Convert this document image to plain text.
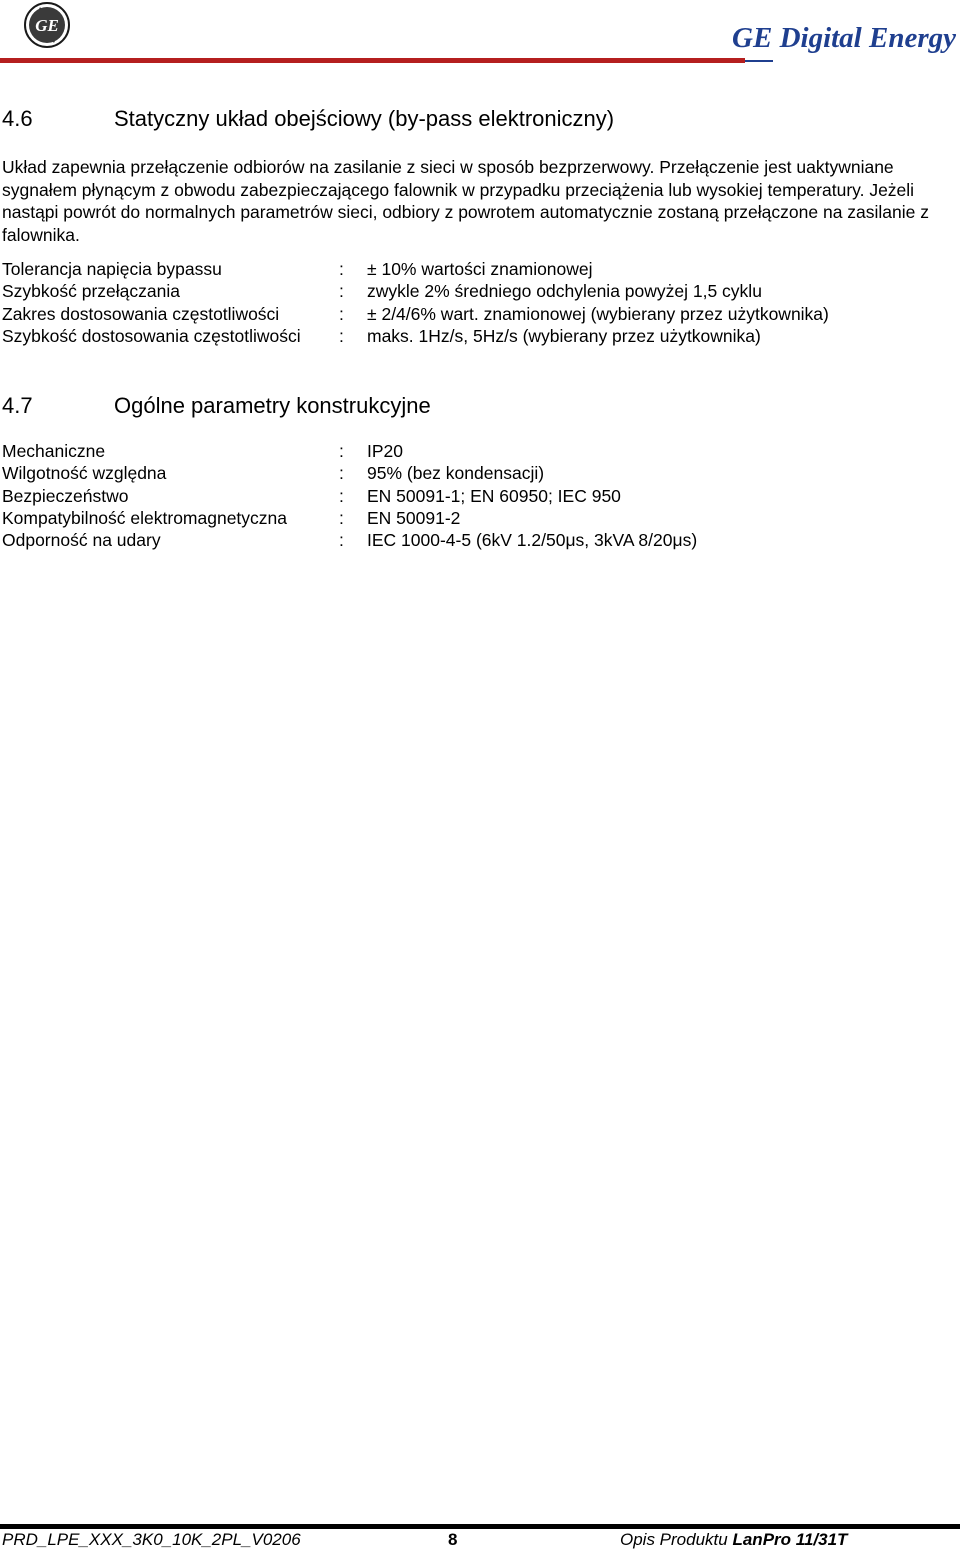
GE	GE Digital Energy
4.6	Statyczny układ obejściowy (by-pass elektroniczny)
Układ zapewnia przełączenie odbiorów na zasilanie z sieci w sposób bezprzerwowy. Przełączenie jest uaktywniane sygnałem płynącym z obwodu zabezpieczającego falownik w przypadku przeciążenia lub wysokiej temperatury. Jeżeli nastąpi powrót do normalnych parametrów sieci, odbiory z powrotem automatycznie zostaną przełączone na zasilanie z falownika.
Tolerancja napięcia bypassu	:	± 10% wartości znamionowej
Szybkość przełączania	:	zwykle 2% średniego odchylenia powyżej 1,5 cyklu
Zakres dostosowania częstotliwości	:	± 2/4/6% wart. znamionowej (wybierany przez użytkownika)
Szybkość dostosowania częstotliwości	:	maks. 1Hz/s, 5Hz/s (wybierany przez użytkownika)
4.7	Ogólne parametry konstrukcyjne
Mechaniczne	:	IP20
Wilgotność względna	:	95% (bez kondensacji)
Bezpieczeństwo	:	EN 50091-1; EN 60950; IEC 950
Kompatybilność elektromagnetyczna	:	EN 50091-2
Odporność na udary	:	IEC 1000-4-5 (6kV 1.2/50μs, 3kVA 8/20μs)
PRD_LPE_XXX_3K0_10K_2PL_V0206	8	Opis Produktu LanPro 11/31T
